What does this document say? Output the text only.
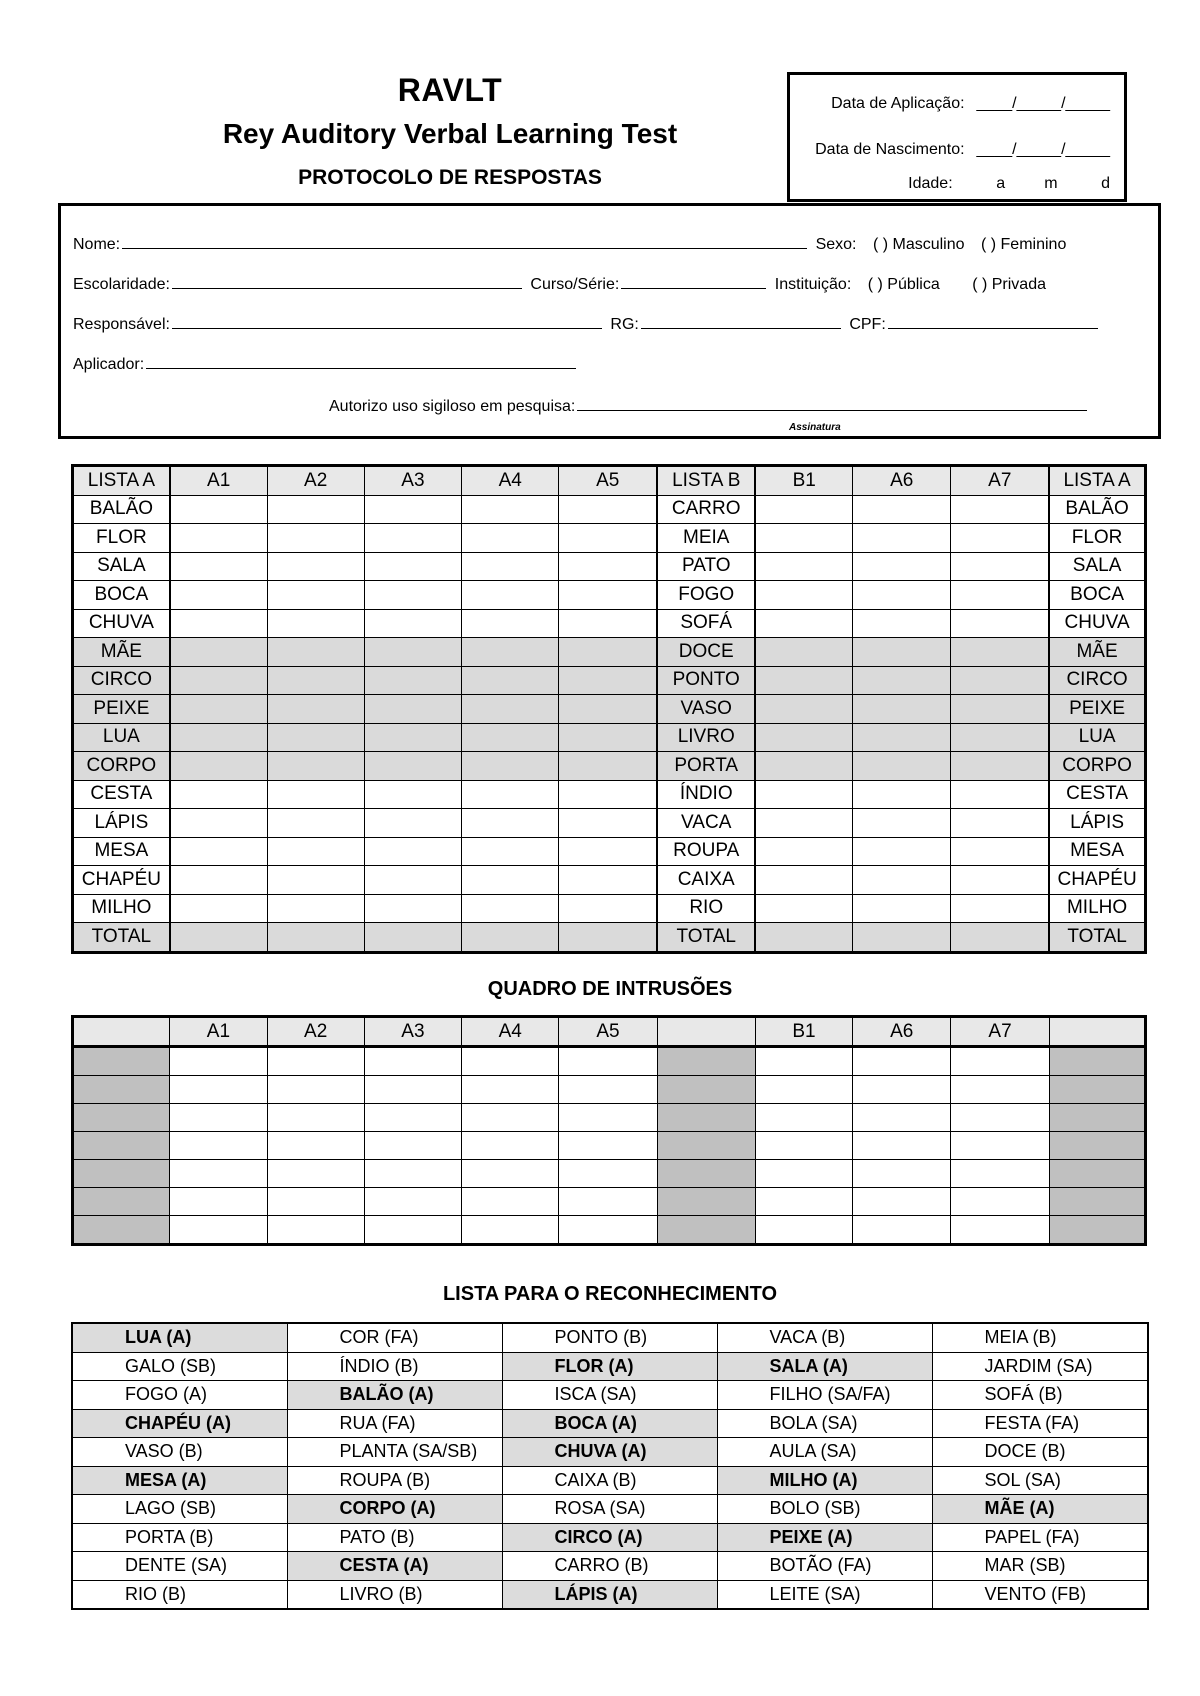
RAVLT
Rey Auditory Verbal Learning Test
PROTOCOLO DE RESPOSTAS
Data de Aplicação: ____/_____/_____
Data de Nascimento: ____/_____/_____
Idade:	a m	d
Nome:	Sexo: ( ) Masculino ( ) Feminino
Escolaridade:	Curso/Série:	Instituição: ( ) Pública ( ) Privada
Responsável:	RG:	CPF:
Aplicador:
Autorizo uso sigiloso em pesquisa:
Assinatura
LISTA A	A1	A2	A3	A4	A5	LISTA B	B1	A6	A7	LISTA A
BALÃO						CARRO				BALÃO
FLOR						MEIA				FLOR
SALA						PATO				SALA
BOCA						FOGO				BOCA
CHUVA						SOFÁ				CHUVA
MÃE						DOCE				MÃE
CIRCO						PONTO				CIRCO
PEIXE						VASO				PEIXE
LUA						LIVRO				LUA
CORPO						PORTA				CORPO
CESTA						ÍNDIO				CESTA
LÁPIS						VACA				LÁPIS
MESA						ROUPA				MESA
CHAPÉU						CAIXA				CHAPÉU
MILHO						RIO				MILHO
TOTAL						TOTAL				TOTAL
QUADRO DE INTRUSÕES
	A1	A2	A3	A4	A5		B1	A6	A7	

LISTA PARA O RECONHECIMENTO
LUA (A)	COR (FA)	PONTO (B)	VACA (B)	MEIA (B)
GALO (SB)	ÍNDIO (B)	FLOR (A)	SALA (A)	JARDIM (SA)
FOGO (A)	BALÃO (A)	ISCA (SA)	FILHO (SA/FA)	SOFÁ (B)
CHAPÉU (A)	RUA (FA)	BOCA (A)	BOLA (SA)	FESTA (FA)
VASO (B)	PLANTA (SA/SB)	CHUVA (A)	AULA (SA)	DOCE (B)
MESA (A)	ROUPA (B)	CAIXA (B)	MILHO (A)	SOL (SA)
LAGO (SB)	CORPO (A)	ROSA (SA)	BOLO (SB)	MÃE (A)
PORTA (B)	PATO (B)	CIRCO (A)	PEIXE (A)	PAPEL (FA)
DENTE (SA)	CESTA (A)	CARRO (B)	BOTÃO (FA)	MAR (SB)
RIO (B)	LIVRO (B)	LÁPIS (A)	LEITE (SA)	VENTO (FB)
